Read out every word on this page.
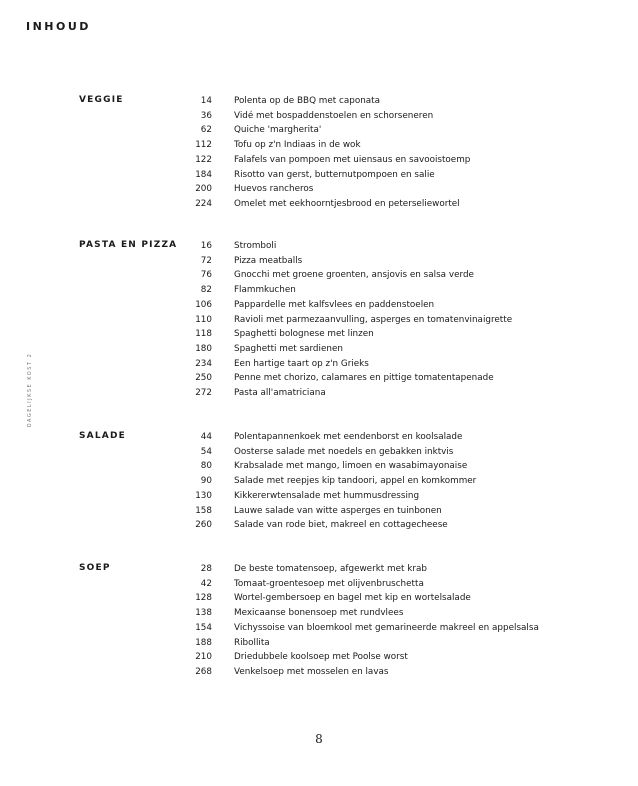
INHOUD
DAGELIJKSE KOST 2
VEGGIE	14	Polenta op de BBQ met caponata
36	Vidé met bospaddenstoelen en schorseneren
62	Quiche 'margherita'
112	Tofu op z'n Indiaas in de wok
122	Falafels van pompoen met uiensaus en savooistoemp
184	Risotto van gerst, butternutpompoen en salie
200	Huevos rancheros
224	Omelet met eekhoorntjesbrood en peterseliewortel
PASTA EN PIZZA	16	Stromboli
72	Pizza meatballs
76	Gnocchi met groene groenten, ansjovis en salsa verde
82	Flammkuchen
106	Pappardelle met kalfsvlees en paddenstoelen
110	Ravioli met parmezaanvulling, asperges en tomatenvinaigrette
118	Spaghetti bolognese met linzen
180	Spaghetti met sardienen
234	Een hartige taart op z'n Grieks
250	Penne met chorizo, calamares en pittige tomatentapenade
272	Pasta all'amatriciana
SALADE	44	Polentapannenkoek met eendenborst en koolsalade
54	Oosterse salade met noedels en gebakken inktvis
80	Krabsalade met mango, limoen en wasabimayonaise
90	Salade met reepjes kip tandoori, appel en komkommer
130	Kikkererwtensalade met hummusdressing
158	Lauwe salade van witte asperges en tuinbonen
260	Salade van rode biet, makreel en cottagecheese
SOEP	28	De beste tomatensoep, afgewerkt met krab
42	Tomaat-groentesoep met olijvenbruschetta
128	Wortel-gembersoep en bagel met kip en wortelsalade
138	Mexicaanse bonensoep met rundvlees
154	Vichyssoise van bloemkool met gemarineerde makreel en appelsalsa
188	Ribollita
210	Driedubbele koolsoep met Poolse worst
268	Venkelsoep met mosselen en lavas
8
